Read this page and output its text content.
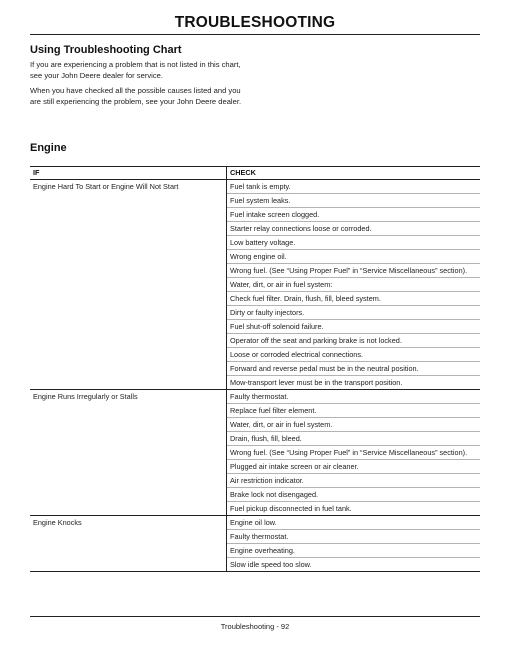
TROUBLESHOOTING
Using Troubleshooting Chart
If you are experiencing a problem that is not listed in this chart, see your John Deere dealer for service.
When you have checked all the possible causes listed and you are still experiencing the problem, see your John Deere dealer.
Engine
IF	CHECK
Engine Hard To Start or Engine Will Not Start	Fuel tank is empty.
Fuel system leaks.
Fuel intake screen clogged.
Starter relay connections loose or corroded.
Low battery voltage.
Wrong engine oil.
Wrong fuel. (See “Using Proper Fuel” in “Service Miscellaneous” section).
Water, dirt, or air in fuel system:
Check fuel filter. Drain, flush, fill, bleed system.
Dirty or faulty injectors.
Fuel shut-off solenoid failure.
Operator off the seat and parking brake is not locked.
Loose or corroded electrical connections.
Forward and reverse pedal must be in the neutral position.
Mow-transport lever must be in the transport position.
Engine Runs Irregularly or Stalls	Faulty thermostat.
Replace fuel filter element.
Water, dirt, or air in fuel system.
Drain, flush, fill, bleed.
Wrong fuel. (See “Using Proper Fuel” in “Service Miscellaneous” section).
Plugged air intake screen or air cleaner.
Air restriction indicator.
Brake lock not disengaged.
Fuel pickup disconnected in fuel tank.
Engine Knocks	Engine oil low.
Faulty thermostat.
Engine overheating.
Slow idle speed too slow.
Troubleshooting - 92
